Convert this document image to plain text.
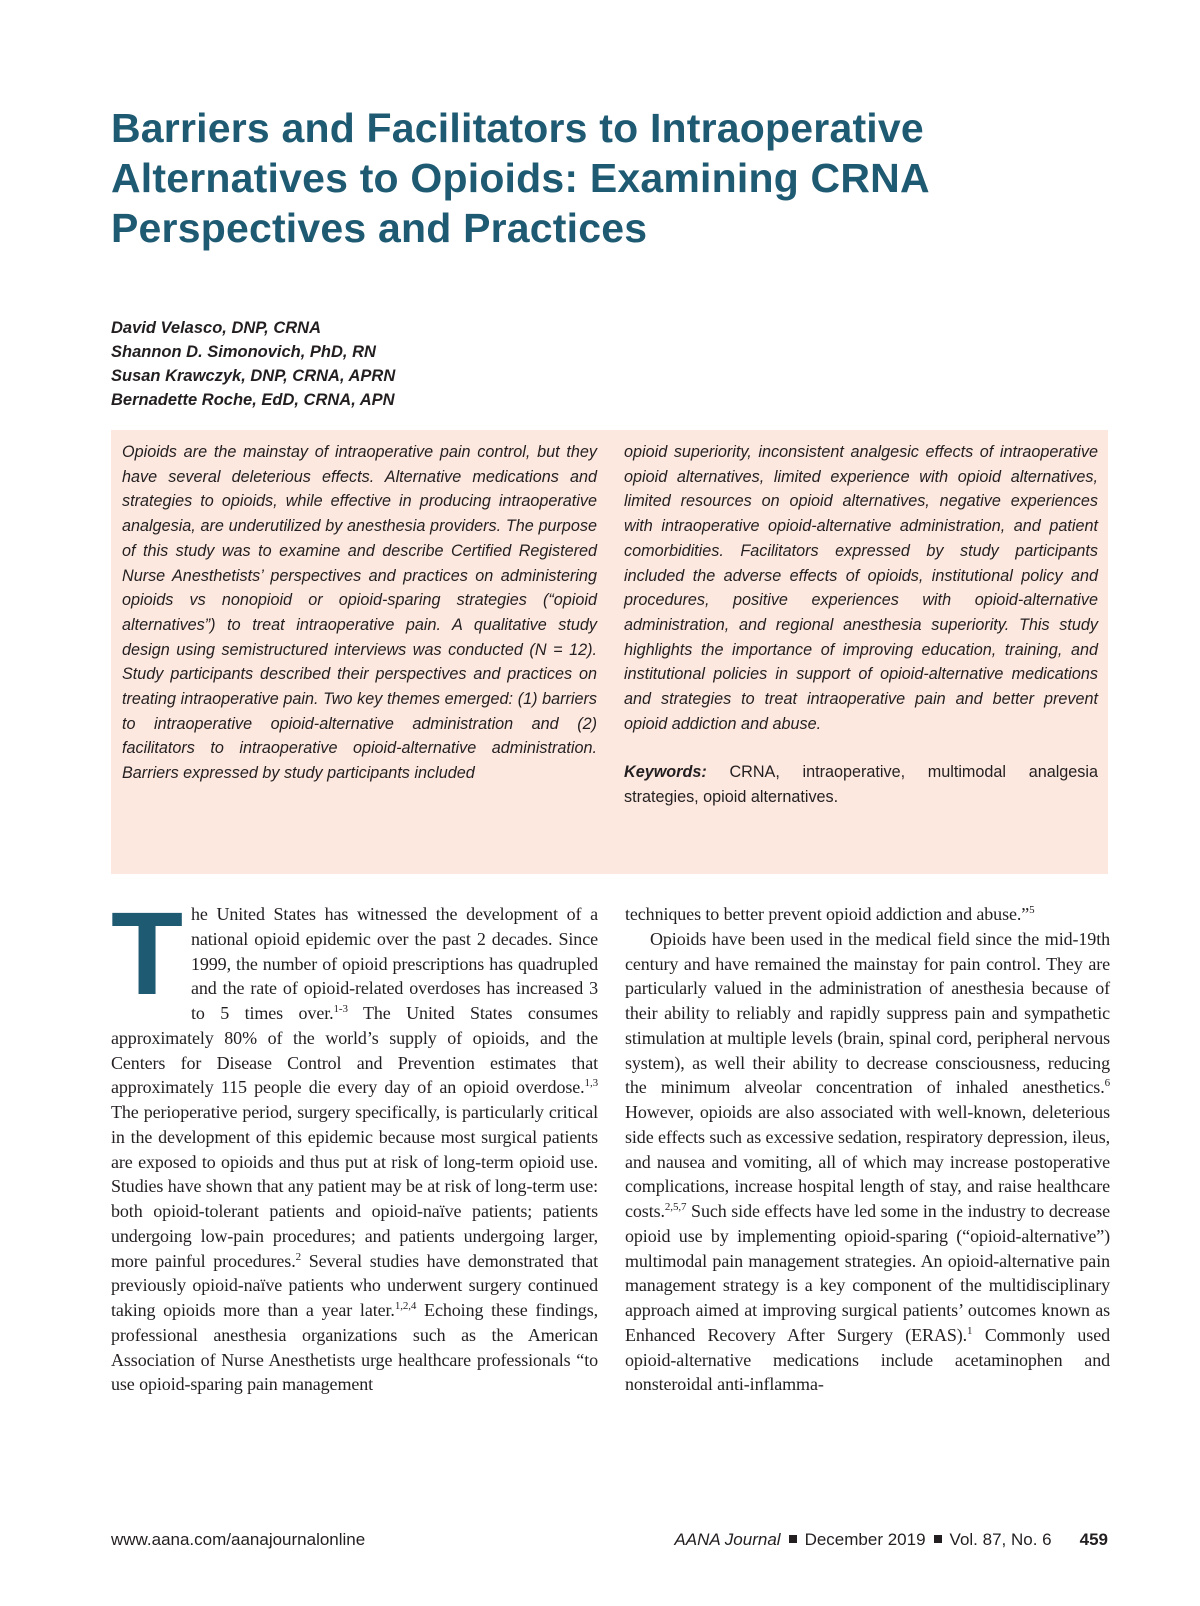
Barriers and Facilitators to Intraoperative Alternatives to Opioids: Examining CRNA Perspectives and Practices
David Velasco, DNP, CRNA
Shannon D. Simonovich, PhD, RN
Susan Krawczyk, DNP, CRNA, APRN
Bernadette Roche, EdD, CRNA, APN
Opioids are the mainstay of intraoperative pain control, but they have several deleterious effects. Alternative medications and strategies to opioids, while effective in producing intraoperative analgesia, are underutilized by anesthesia providers. The purpose of this study was to examine and describe Certified Registered Nurse Anesthetists’ perspectives and practices on administering opioids vs nonopioid or opioid-sparing strategies (“opioid alternatives”) to treat intraoperative pain. A qualitative study design using semistructured interviews was conducted (N = 12). Study participants described their perspectives and practices on treating intraoperative pain. Two key themes emerged: (1) barriers to intraoperative opioid-alternative administration and (2) facilitators to intraoperative opioid-alternative administration. Barriers expressed by study participants included
opioid superiority, inconsistent analgesic effects of intraoperative opioid alternatives, limited experience with opioid alternatives, limited resources on opioid alternatives, negative experiences with intraoperative opioid-alternative administration, and patient comorbidities. Facilitators expressed by study participants included the adverse effects of opioids, institutional policy and procedures, positive experiences with opioid-alternative administration, and regional anesthesia superiority. This study highlights the importance of improving education, training, and institutional policies in support of opioid-alternative medications and strategies to treat intraoperative pain and better prevent opioid addiction and abuse.
Keywords: CRNA, intraoperative, multimodal analgesia strategies, opioid alternatives.

The United States has witnessed the development of a national opioid epidemic over the past 2 decades. Since 1999, the number of opioid prescriptions has quadrupled and the rate of opioid-related overdoses has increased 3 to 5 times over.$^{1-3}$ The United States consumes approximately 80% of the world’s supply of opioids, and the Centers for Disease Control and Prevention estimates that approximately 115 people die every day of an opioid overdose.$^{1,3}$ The perioperative period, surgery specifically, is particularly critical in the development of this epidemic because most surgical patients are exposed to opioids and thus put at risk of long-term opioid use. Studies have shown that any patient may be at risk of long-term use: both opioid-tolerant patients and opioid-naïve patients; patients undergoing low-pain procedures; and patients undergoing larger, more painful procedures.$^2$ Several studies have demonstrated that previously opioid-naïve patients who underwent surgery continued taking opioids more than a year later.$^{1,2,4}$ Echoing these findings, professional anesthesia organizations such as the American Association of Nurse Anesthetists urge healthcare professionals “to use opioid-sparing pain management

techniques to better prevent opioid addiction and abuse.”$^5$

Opioids have been used in the medical field since the mid-19th century and have remained the mainstay for pain control. They are particularly valued in the administration of anesthesia because of their ability to reliably and rapidly suppress pain and sympathetic stimulation at multiple levels (brain, spinal cord, peripheral nervous system), as well their ability to decrease consciousness, reducing the minimum alveolar concentration of inhaled anesthetics.$^6$ However, opioids are also associated with well-known, deleterious side effects such as excessive sedation, respiratory depression, ileus, and nausea and vomiting, all of which may increase postoperative complications, increase hospital length of stay, and raise healthcare costs.$^{2,5,7}$ Such side effects have led some in the industry to decrease opioid use by implementing opioid-sparing (“opioid-alternative”) multimodal pain management strategies. An opioid-alternative pain management strategy is a key component of the multidisciplinary approach aimed at improving surgical patients’ outcomes known as Enhanced Recovery After Surgery (ERAS).$^1$ Commonly used opioid-alternative medications include acetaminophen and nonsteroidal anti-inflamma-

www.aana.com/aanajournalonline	AANA Journal December 2019 Vol. 87, No. 6 459
